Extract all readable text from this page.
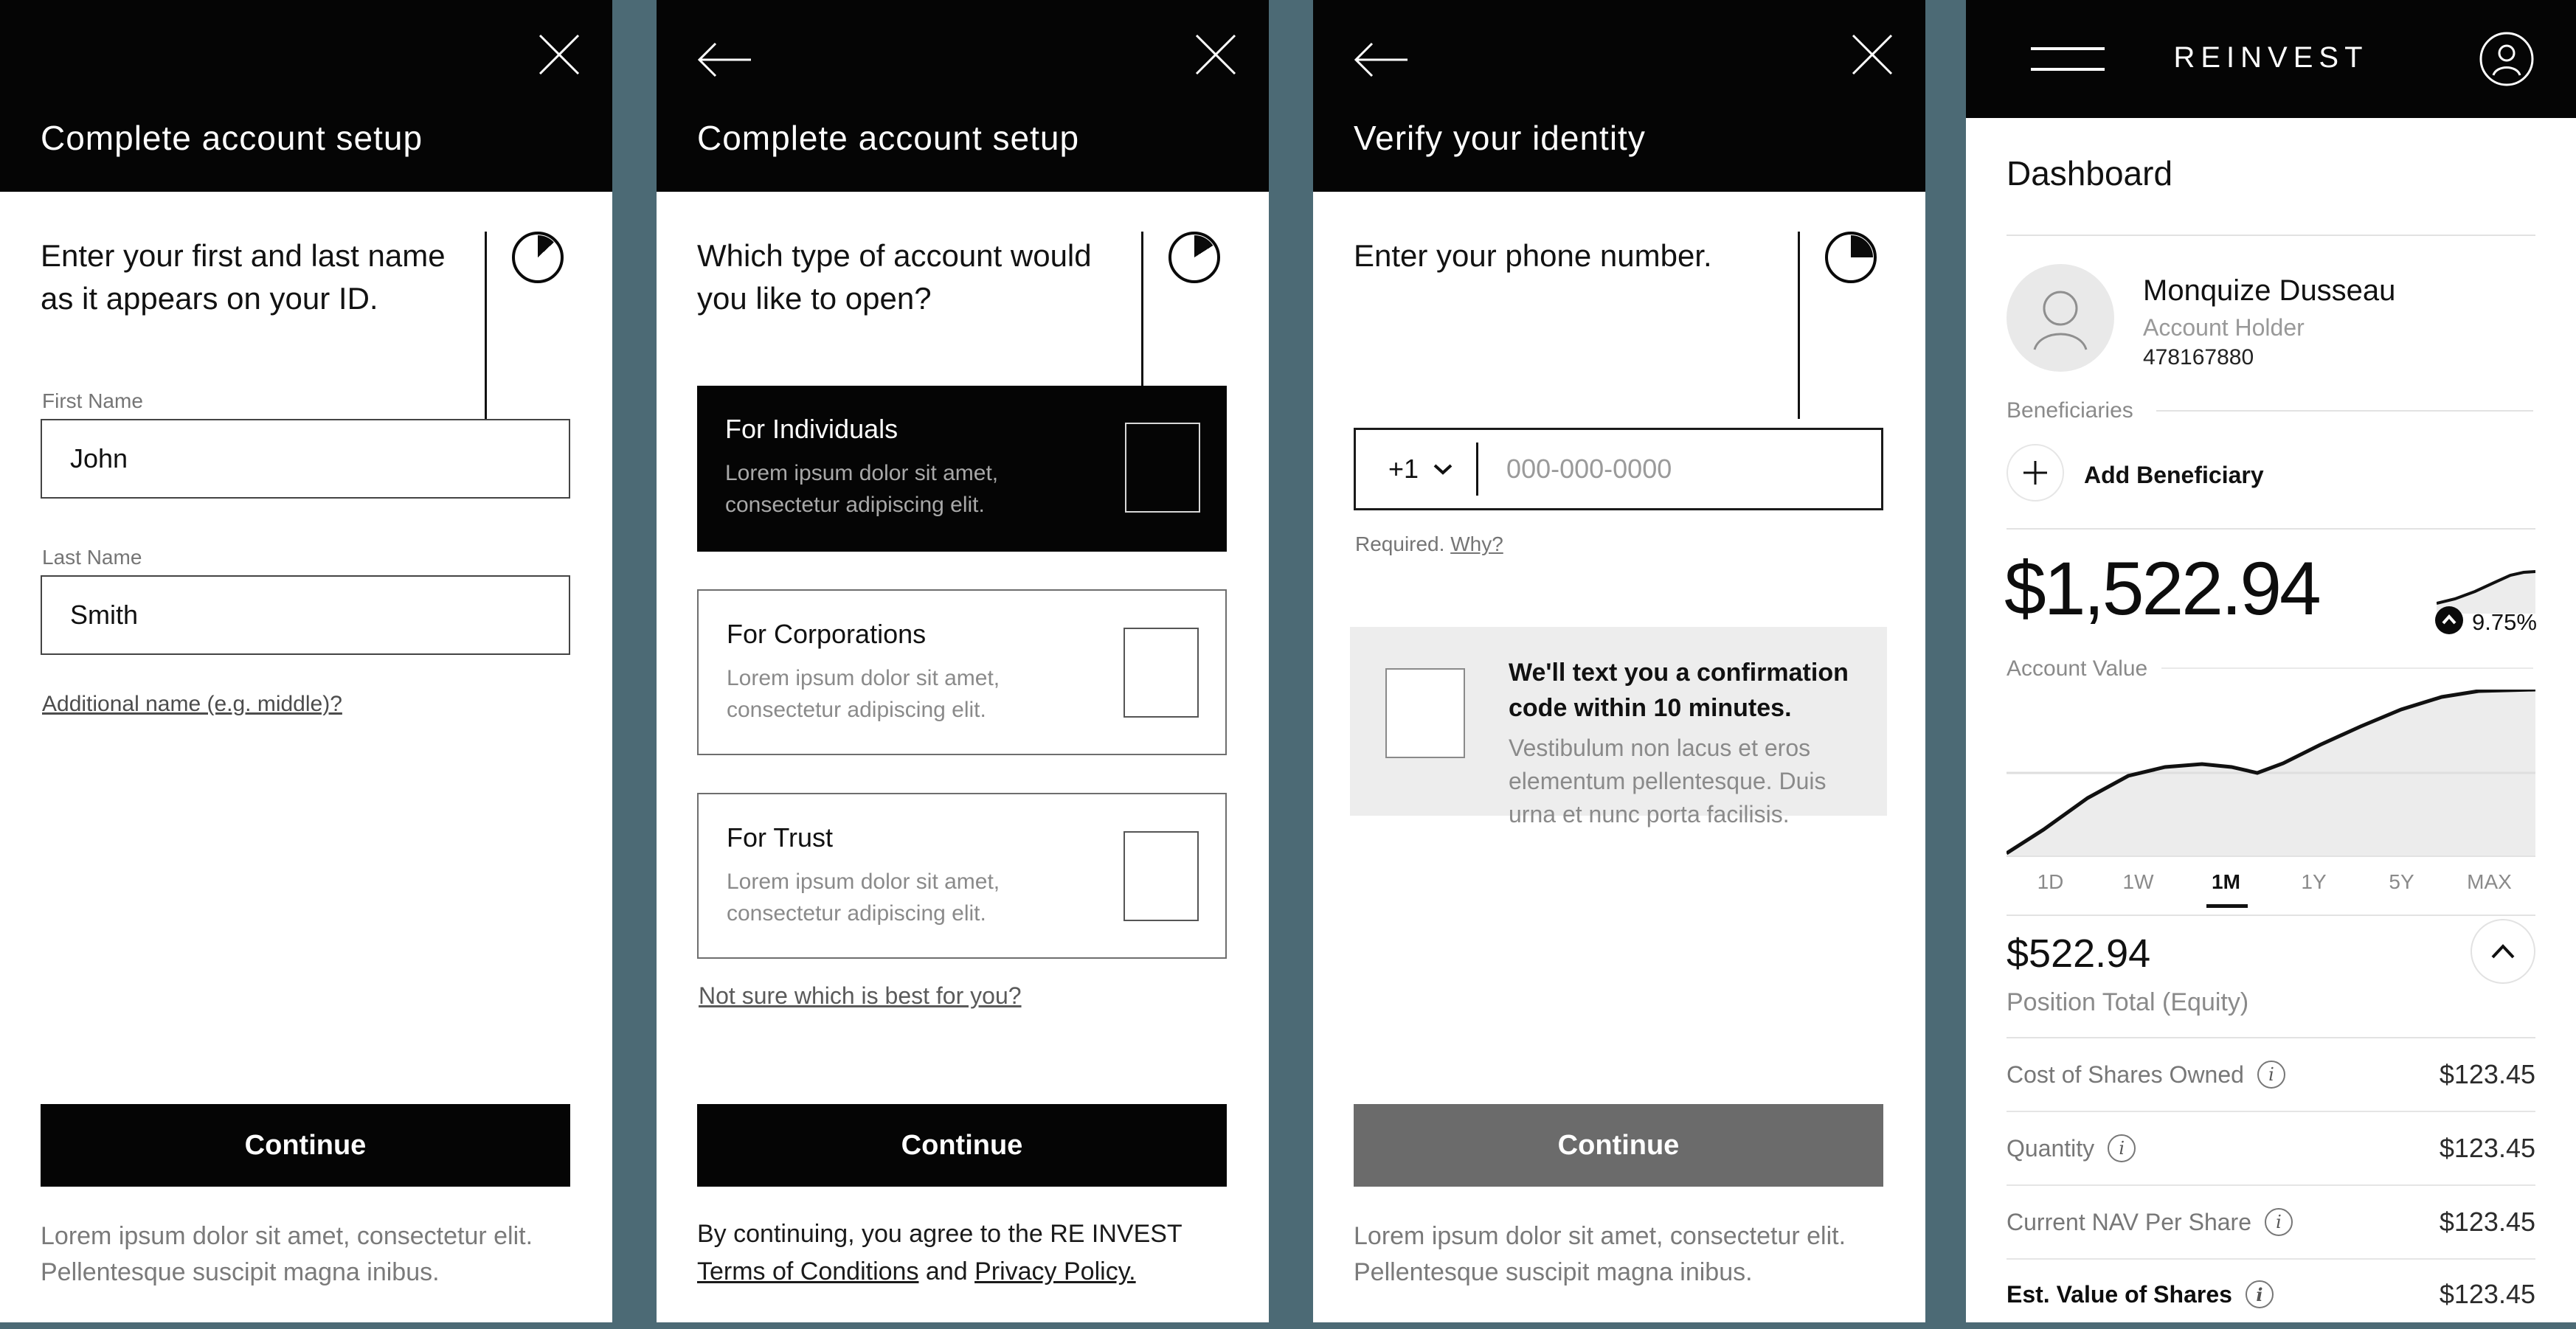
Complete account setup
Enter your first and last name as it appears on your ID.
First Name
John
Last Name
Smith
Additional name (e.g. middle)?
Continue
Lorem ipsum dolor sit amet, consectetur elit. Pellentesque suscipit magna inibus.
Complete account setup
Which type of account would you like to open?
For Individuals
Lorem ipsum dolor sit amet, consectetur adipiscing elit.
For Corporations
Lorem ipsum dolor sit amet, consectetur adipiscing elit.
For Trust
Lorem ipsum dolor sit amet, consectetur adipiscing elit.
Not sure which is best for you?
Continue
By continuing, you agree to the RE INVEST
Terms of Conditions and Privacy Policy.
Verify your identity
Enter your phone number.
+1
000-000-0000
Required. Why?
We'll text you a confirmation code within 10 minutes.
Vestibulum non lacus et eros elementum pellentesque. Duis urna et nunc porta facilisis.
Continue
Lorem ipsum dolor sit amet, consectetur elit. Pellentesque suscipit magna inibus.
REINVEST
Dashboard
Monquize Dusseau
Account Holder
478167880
Beneficiaries
Add Beneficiary
$1,522.94	9.75%
Account Value
1D	1W	1M	1Y	5Y	MAX
$522.94
Position Total (Equity)
Cost of Shares Owned	i	$123.45
Quantity	i	$123.45
Current NAV Per Share	i	$123.45
Est. Value of Shares	i	$123.45
